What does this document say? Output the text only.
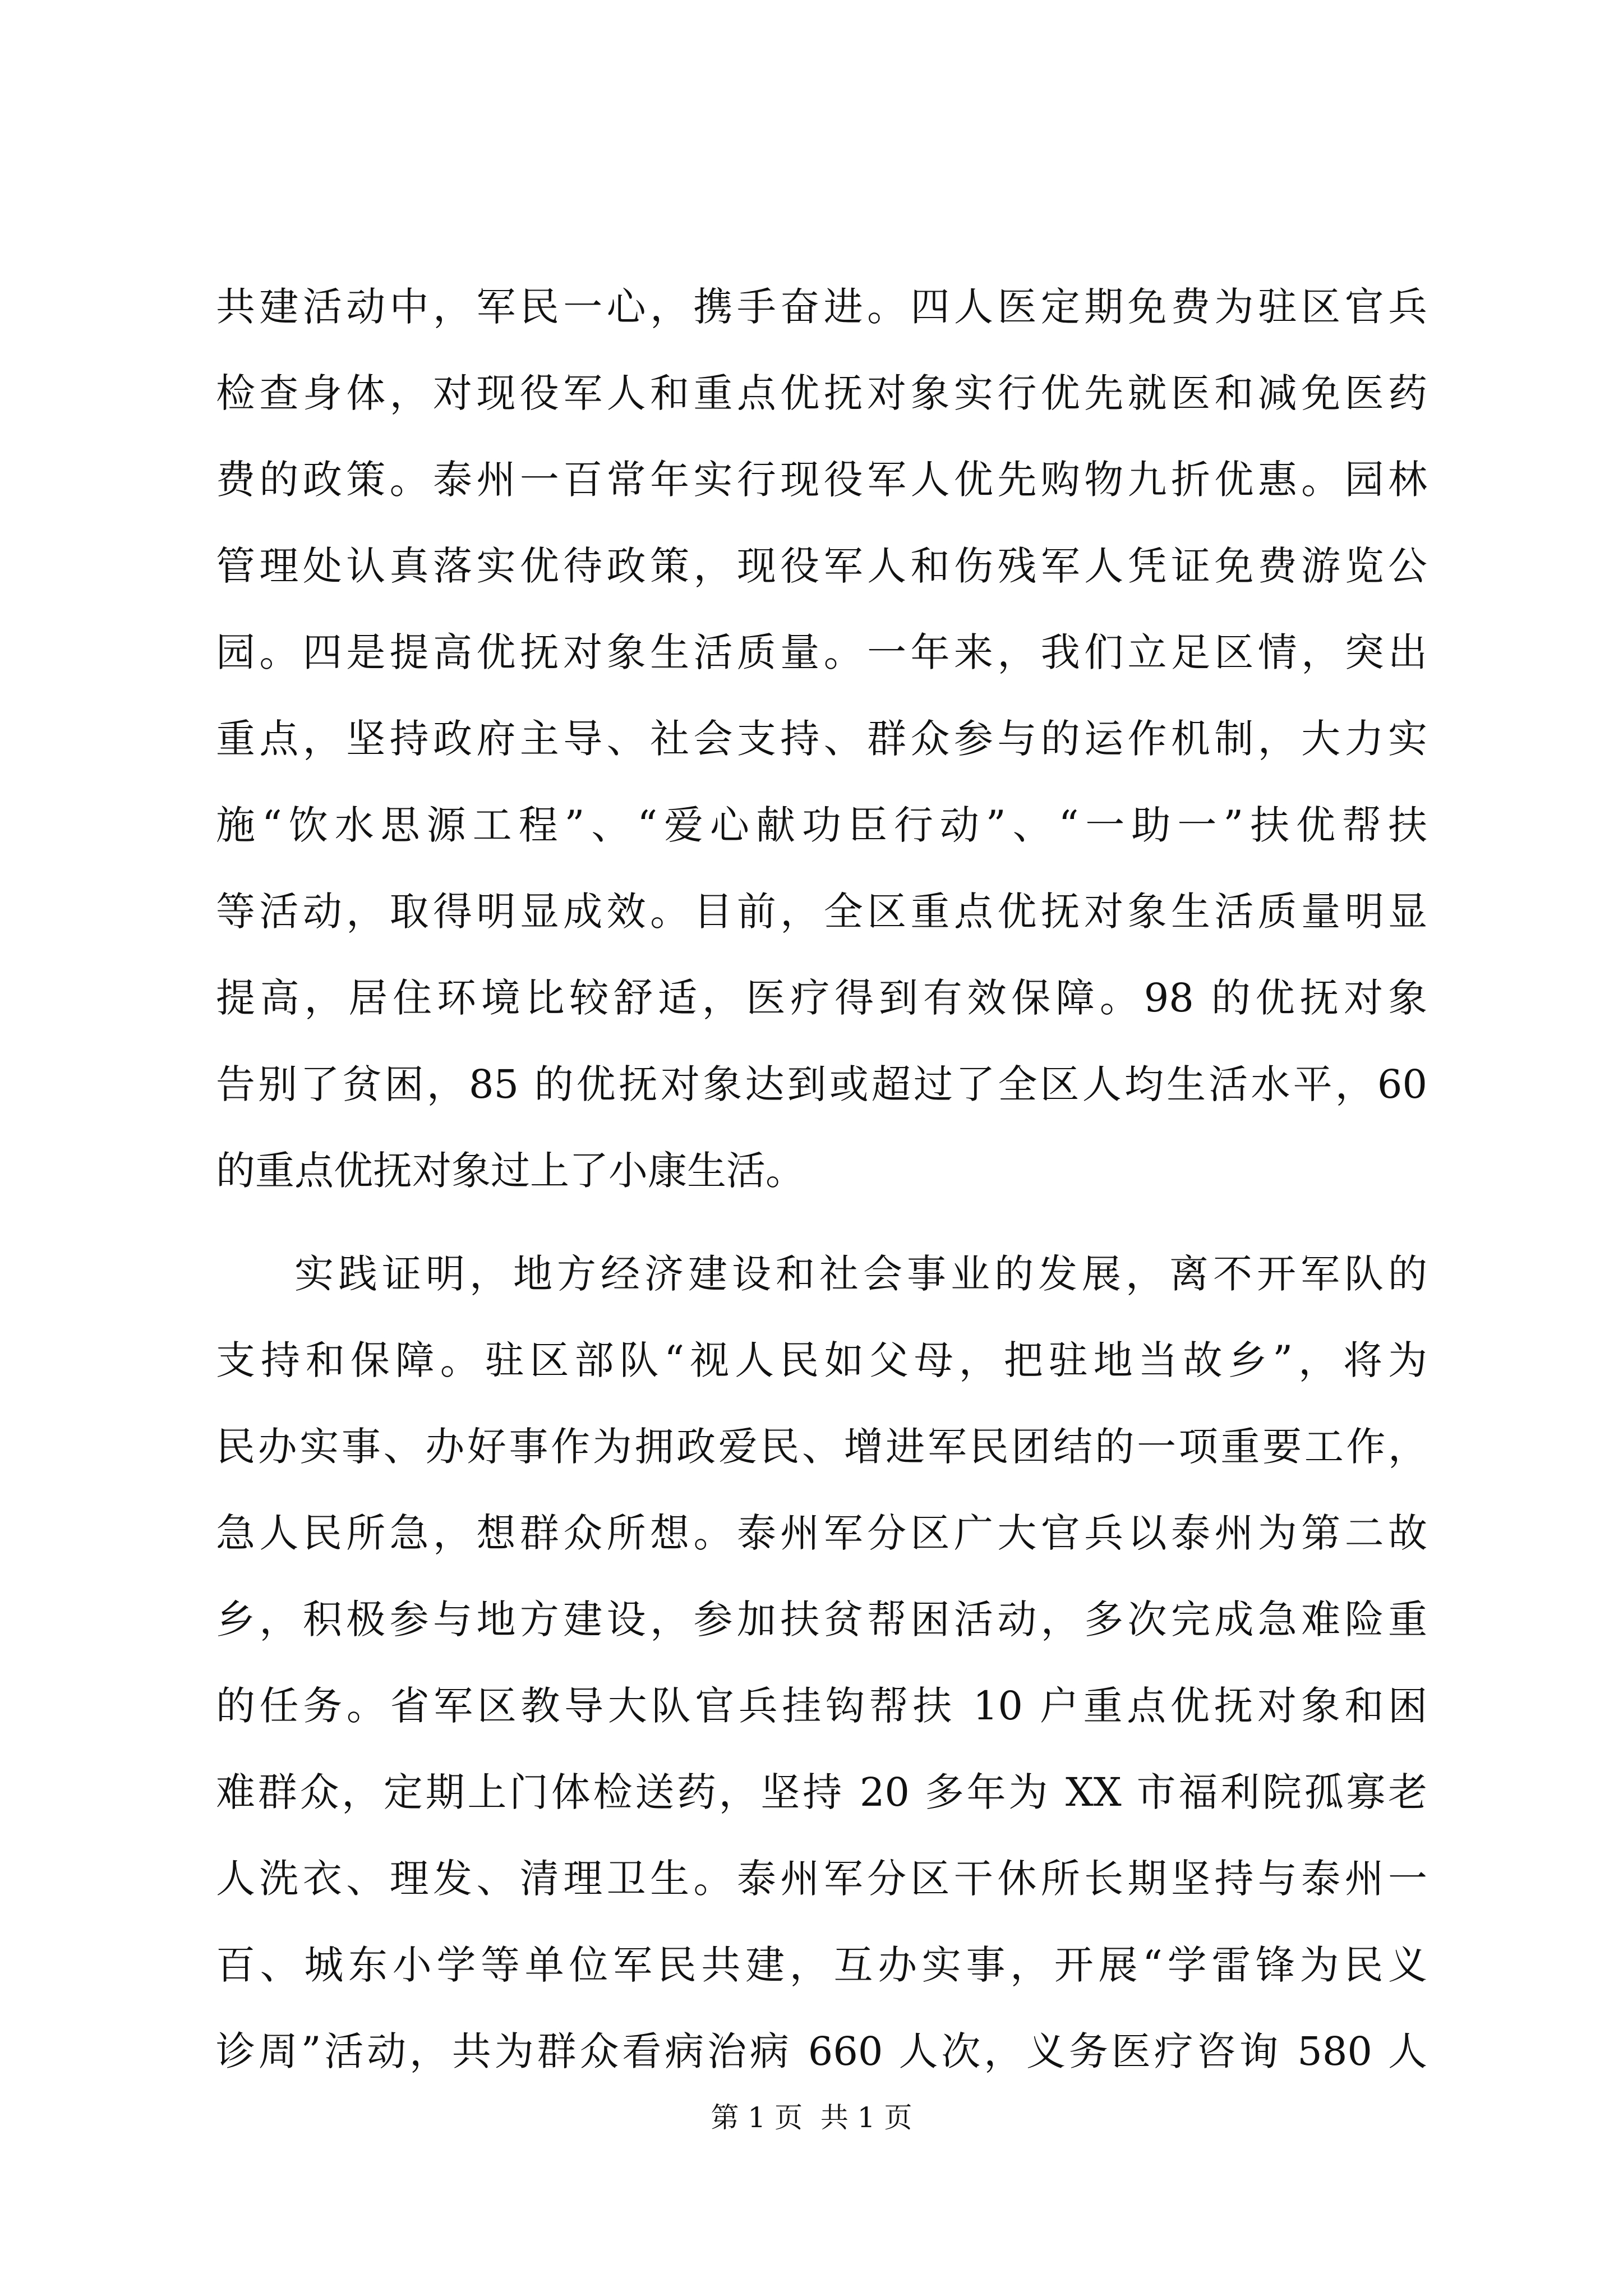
共建活动中，军民一心，携手奋进。四人医定期免费为驻区官兵
检查身体，对现役军人和重点优抚对象实行优先就医和减免医药
费的政策。泰州一百常年实行现役军人优先购物九折优惠。园林
管理处认真落实优待政策，现役军人和伤残军人凭证免费游览公
园。四是提高优抚对象生活质量。一年来，我们立足区情，突出
重点，坚持政府主导、社会支持、群众参与的运作机制，大力实
施“饮水思源工程”、“爱心献功臣行动”、“一助一”扶优帮扶
等活动，取得明显成效。目前，全区重点优抚对象生活质量明显
提高，居住环境比较舒适，医疗得到有效保障。98 的优抚对象
告别了贫困，85 的优抚对象达到或超过了全区人均生活水平，60
的重点优抚对象过上了小康生活。
实践证明，地方经济建设和社会事业的发展，离不开军队的
支持和保障。驻区部队“视人民如父母，把驻地当故乡”，将为
民办实事、办好事作为拥政爱民、增进军民团结的一项重要工作，
急人民所急，想群众所想。泰州军分区广大官兵以泰州为第二故
乡，积极参与地方建设，参加扶贫帮困活动，多次完成急难险重
的任务。省军区教导大队官兵挂钩帮扶 10 户重点优抚对象和困
难群众，定期上门体检送药，坚持 20 多年为 XX 市福利院孤寡老
人洗衣、理发、清理卫生。泰州军分区干休所长期坚持与泰州一
百、城东小学等单位军民共建，互办实事，开展“学雷锋为民义
诊周”活动，共为群众看病治病 660 人次，义务医疗咨询 580 人
第 1 页  共 1 页
